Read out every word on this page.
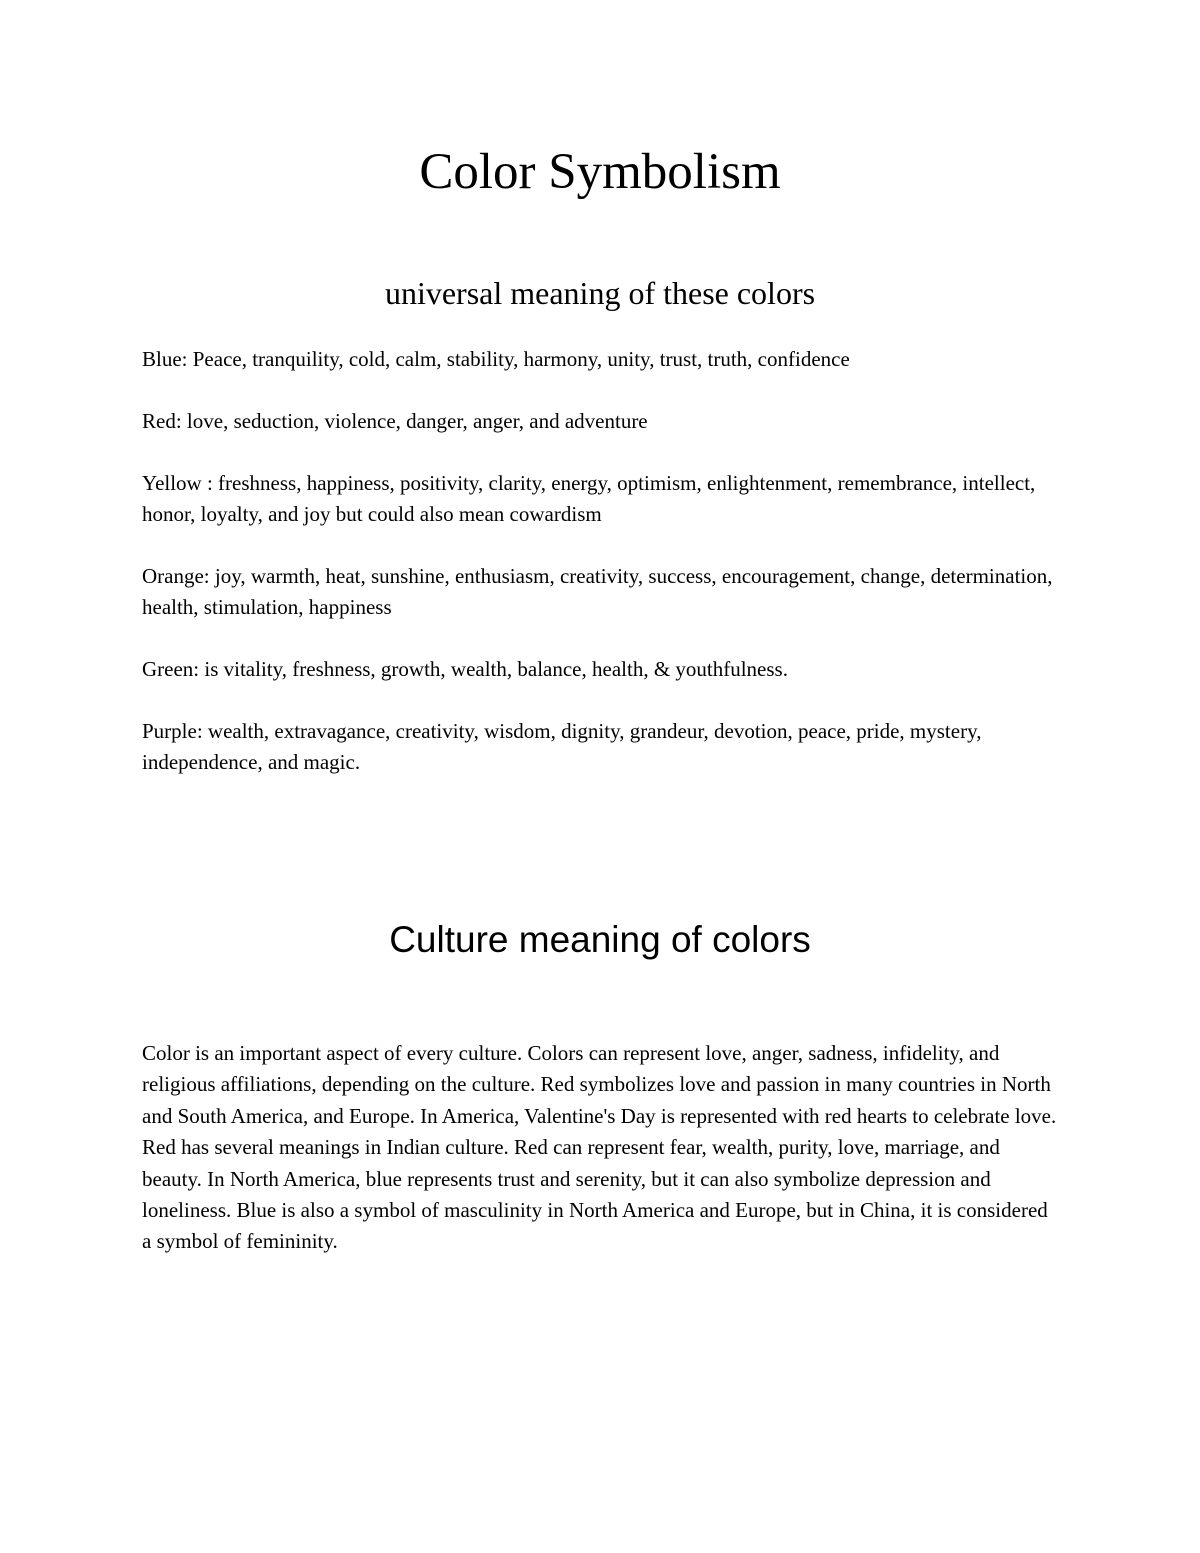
Color Symbolism
universal meaning of these colors

Blue: Peace, tranquility, cold, calm, stability, harmony, unity, trust, truth, confidence

Red: love, seduction, violence, danger, anger, and adventure

Yellow : freshness, happiness, positivity, clarity, energy, optimism, enlightenment, remembrance, intellect, honor, loyalty, and joy but could also mean cowardism

Orange: joy, warmth, heat, sunshine, enthusiasm, creativity, success, encouragement, change, determination, health, stimulation, happiness

Green: is vitality, freshness, growth, wealth, balance, health, & youthfulness.

Purple: wealth, extravagance, creativity, wisdom, dignity, grandeur, devotion, peace, pride, mystery, independence, and magic.

Culture meaning of colors

Color is an important aspect of every culture. Colors can represent love, anger, sadness, infidelity, and religious affiliations, depending on the culture. Red symbolizes love and passion in many countries in North and South America, and Europe. In America, Valentine's Day is represented with red hearts to celebrate love. Red has several meanings in Indian culture. Red can represent fear, wealth, purity, love, marriage, and beauty. In North America, blue represents trust and serenity, but it can also symbolize depression and loneliness. Blue is also a symbol of masculinity in North America and Europe, but in China, it is considered a symbol of femininity.
